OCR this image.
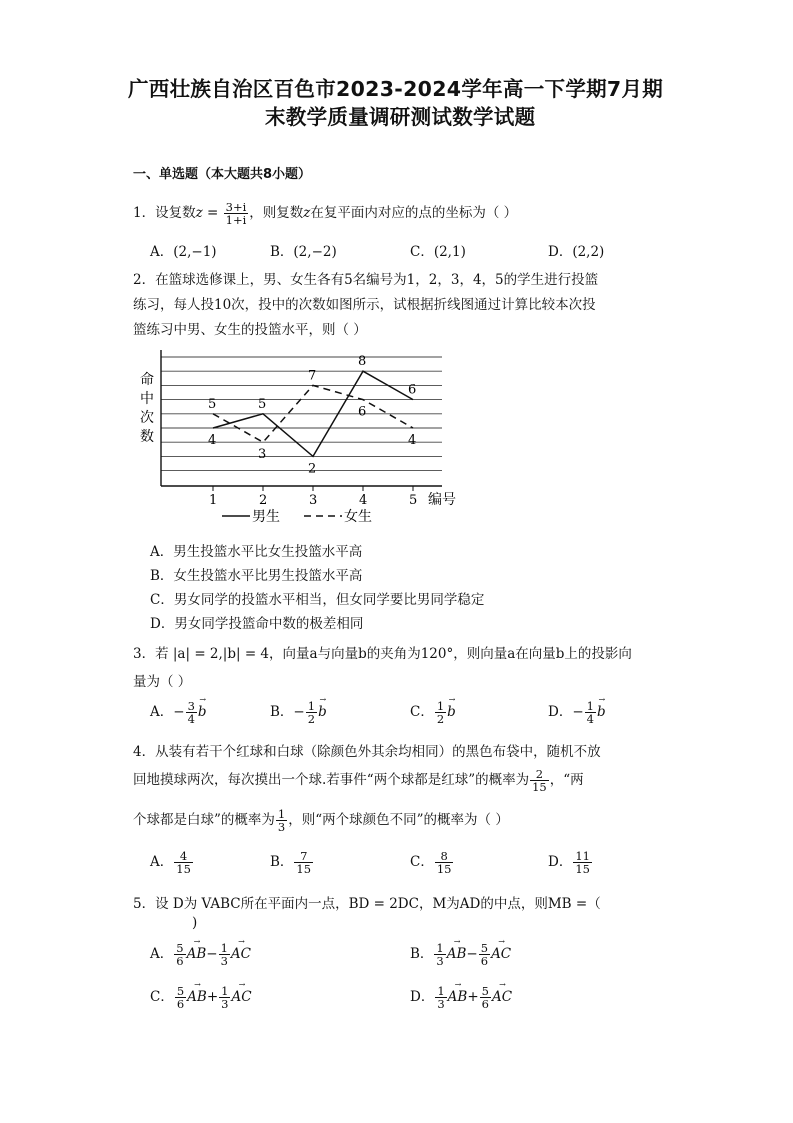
广西壮族自治区百色市2023-2024学年高一下学期7月期
末教学质量调研测试数学试题
一、单选题（本大题共8小题）
1．设复数$z = \frac{3+i}{1+i}$ ，则复数z在复平面内对应的点的坐标为（ ）
A．(2,−1)	B．(2,−2)	C．(2,1)	D．(2,2)
2．在篮球选修课上，男、女生各有5名编号为1，2，3，4，5的学生进行投篮
练习，每人投10次，投中的次数如图所示，试根据折线图通过计算比较本次投
篮练习中男、女生的投篮水平，则（ ）
命
中
次
数
1	2	3	4	5
4
5
2
8
6
5
3
7
6
4
编号
男生	女生
A．男生投篮水平比女生投篮水平高
B．女生投篮水平比男生投篮水平高
C．男女同学的投篮水平相当，但女同学要比男同学稳定
D．男女同学投篮命中数的极差相同
3．若 |a| = 2,|b| = 4，向量a与向量b的夹角为120°，则向量a在向量b上的投影向
量为（ ）
A．− $\frac{3}{4}$
→
b	B．− $\frac{1}{2}$
→
b	C． $\frac{1}{2}$
→
b	D．− $\frac{1}{4}$
→
b
4．从装有若干个红球和白球（除颜色外其余均相同）的黑色布袋中，随机不放
回地摸球两次，每次摸出一个球.若事件“两个球都是红球”的概率为 $\frac{2}{15}$ ，“两
个球都是白球”的概率为 $\frac{1}{3}$ ，则“两个球颜色不同”的概率为（ ）
A． $\frac{4}{15}$	B． $\frac{7}{15}$	C． $\frac{8}{15}$	D． $\frac{11}{15}$
5．设 D为 VABC所在平面内一点，BD = 2DC，M为AD的中点，则MB =（
)
A． $\frac{5}{6}$
→
$AB- \frac{1}{3}$
→
AC	B． $\frac{1}{3}$
→
$AB- \frac{5}{6}$
→
AC
C． $\frac{5}{6}$
→
$AB+ \frac{1}{3}$
→
AC	D． $\frac{1}{3}$
→
$AB+ \frac{5}{6}$
→
AC
